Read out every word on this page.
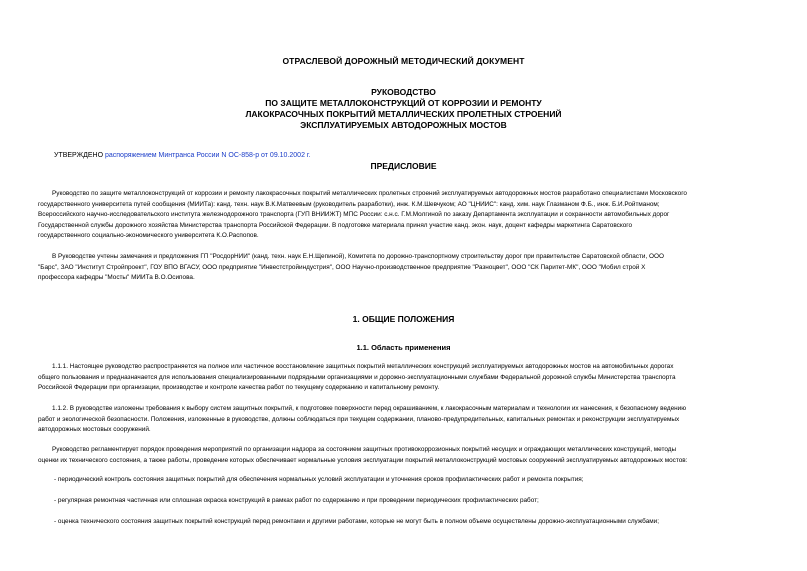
ОТРАСЛЕВОЙ ДОРОЖНЫЙ МЕТОДИЧЕСКИЙ ДОКУМЕНТ
РУКОВОДСТВО
ПО ЗАЩИТЕ МЕТАЛЛОКОНСТРУКЦИЙ ОТ КОРРОЗИИ И РЕМОНТУ
ЛАКОКРАСОЧНЫХ ПОКРЫТИЙ МЕТАЛЛИЧЕСКИХ ПРОЛЕТНЫХ СТРОЕНИЙ
ЭКСПЛУАТИРУЕМЫХ АВТОДОРОЖНЫХ МОСТОВ
УТВЕРЖДЕНО распоряжением Минтранса России N ОС-858-р от 09.10.2002 г.
ПРЕДИСЛОВИЕ
Руководство по защите металлоконструкций от коррозии и ремонту лакокрасочных покрытий металлических пролетных строений эксплуатируемых автодорожных мостов разработано специалистами Московского
государственного университета путей сообщения (МИИТа): канд. техн. наук В.К.Матвеевым (руководитель разработки), инж. К.М.Шевчуком; АО "ЦНИИС": канд. хим. наук Глазманом Ф.Б., инж. Б.И.Ройтманом;
Всероссийского научно-исследовательского института железнодорожного транспорта (ГУП ВНИИЖТ) МПС России: с.н.с. Г.М.Молгиной по заказу Департамента эксплуатации и сохранности автомобильных дорог
Государственной службы дорожного хозяйства Министерства транспорта Российской Федерации. В подготовке материала принял участие канд. экон. наук, доцент кафедры маркетинга Саратовского
государственного социально-экономического университета К.О.Распопов.
В Руководстве учтены замечания и предложения ГП "РосдорНИИ" (канд. техн. наук Е.Н.Щепиной), Комитета по дорожно-транспортному строительству дорог при правительстве Саратовской области, ООО
"Барс", ЗАО "Институт Стройпроект", ГОУ ВПО ВГАСУ, ООО предприятие "Инвестстройиндустрия", ООО Научно-производственное предприятие "Разноцвет", ООО "СК Паритет-МК", ООО "Мобил строй Х
профессора кафедры "Мосты" МИИТа В.О.Осипова.
1. ОБЩИЕ ПОЛОЖЕНИЯ
1.1. Область применения
1.1.1. Настоящее руководство распространяется на полное или частичное восстановление защитных покрытий металлических конструкций эксплуатируемых автодорожных мостов на автомобильных дорогах
общего пользования и предназначается для использования специализированными подрядными организациями и дорожно-эксплуатационными службами Федеральной дорожной службы Министерства транспорта
Российской Федерации при организации, производстве и контроле качества работ по текущему содержанию и капитальному ремонту.
1.1.2. В руководстве изложены требования к выбору систем защитных покрытий, к подготовке поверхности перед окрашиванием, к лакокрасочным материалам и технологии их нанесения, к безопасному ведению
работ и экологической безопасности. Положения, изложенные в руководстве, должны соблюдаться при текущем содержании, планово-предупредительных, капитальных ремонтах и реконструкции эксплуатируемых
автодорожных мостовых сооружений.
Руководство регламентирует порядок проведения мероприятий по организации надзора за состоянием защитных противокоррозионных покрытий несущих и ограждающих металлических конструкций, методы
оценки их технического состояния, а также работы, проведение которых обеспечивает нормальные условия эксплуатации покрытий металлоконструкций мостовых сооружений эксплуатируемых автодорожных мостов:
- периодический контроль состояния защитных покрытий для обеспечения нормальных условий эксплуатации и уточнения сроков профилактических работ и ремонта покрытия;
- регулярная ремонтная частичная или сплошная окраска конструкций в рамках работ по содержанию и при проведении периодических профилактических работ;
- оценка технического состояния защитных покрытий конструкций перед ремонтами и другими работами, которые не могут быть в полном объеме осуществлены дорожно-эксплуатационными службами;
